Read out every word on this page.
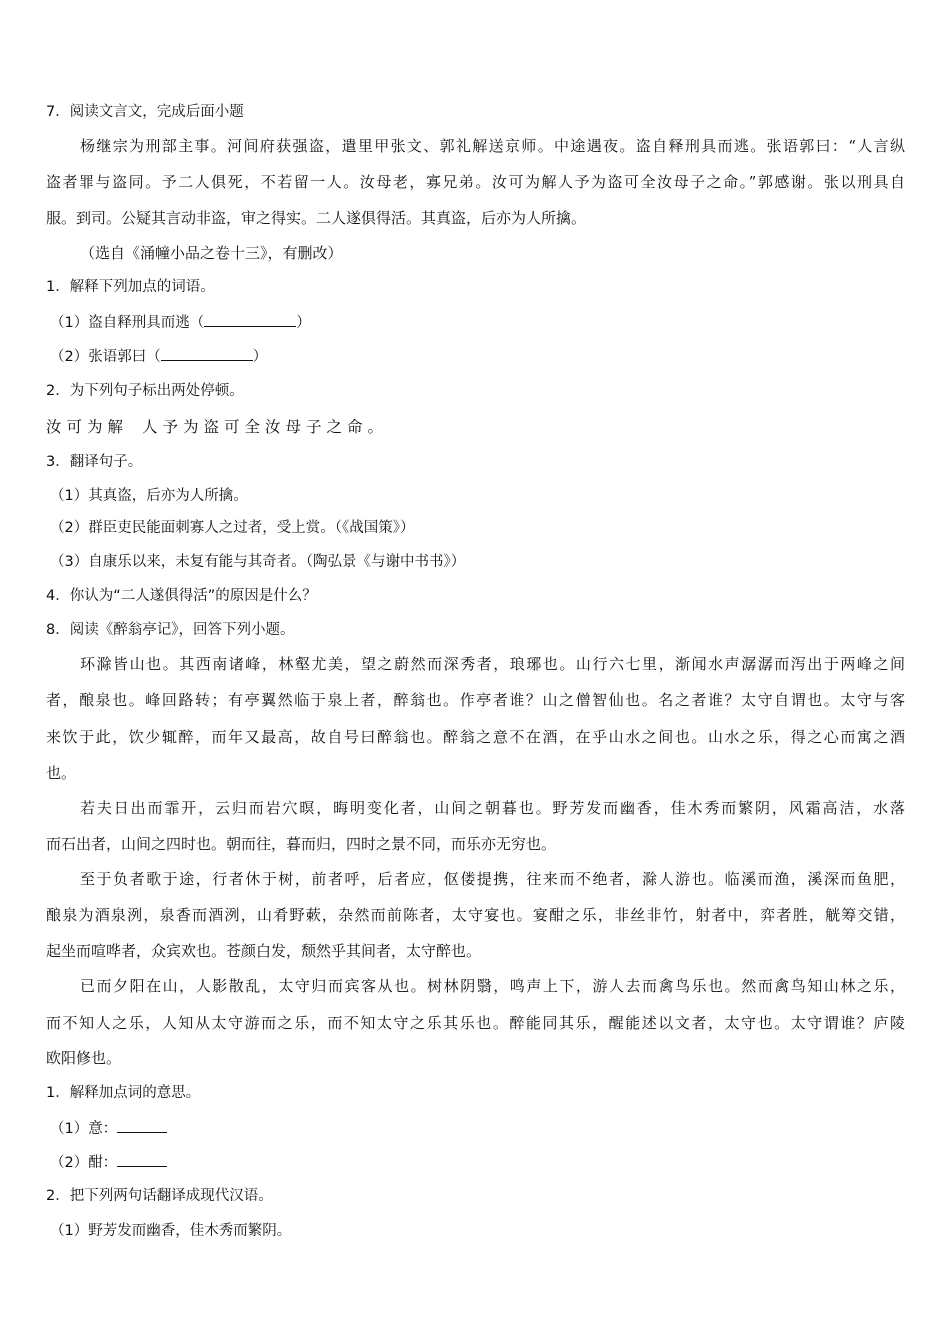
7．阅读文言文，完成后面小题
杨继宗为刑部主事。河间府获强盗，遣里甲张文、郭礼解送京师。中途遇夜。盗自释刑具而逃。张语郭曰：“人言纵
盗者罪与盗同。予二人俱死，不若留一人。汝母老，寡兄弟。汝可为解人予为盗可全汝母子之命。”郭感谢。张以刑具自
服。到司。公疑其言动非盗，审之得实。二人遂俱得活。其真盗，后亦为人所擒。
（选自《涌幢小品之卷十三》，有删改）
1．解释下列加点的词语。
（1）盗自释刑具而逃（	）
（2）张语郭曰（	）
2．为下列句子标出两处停顿。
汝可为解 人予为盗可全汝母子之命。
3．翻译句子。
（1）其真盗，后亦为人所擒。
（2）群臣吏民能面刺寡人之过者，受上赏。（《战国策》）
（3）自康乐以来，未复有能与其奇者。（陶弘景《与谢中书书》）
4．你认为“二人遂俱得活”的原因是什么？
8．阅读《醉翁亭记》，回答下列小题。
环滁皆山也。其西南诸峰，林壑尤美，望之蔚然而深秀者，琅琊也。山行六七里，渐闻水声潺潺而泻出于两峰之间
者，酿泉也。峰回路转；有亭翼然临于泉上者，醉翁也。作亭者谁？山之僧智仙也。名之者谁？太守自谓也。太守与客
来饮于此，饮少辄醉，而年又最高，故自号曰醉翁也。醉翁之意不在酒，在乎山水之间也。山水之乐，得之心而寓之酒
也。
若夫日出而霏开，云归而岩穴暝，晦明变化者，山间之朝暮也。野芳发而幽香，佳木秀而繁阴，风霜高洁，水落
而石出者，山间之四时也。朝而往，暮而归，四时之景不同，而乐亦无穷也。
至于负者歌于途，行者休于树，前者呼，后者应，伛偻提携，往来而不绝者，滁人游也。临溪而渔，溪深而鱼肥，
酿泉为酒泉洌，泉香而酒洌，山肴野蔌，杂然而前陈者，太守宴也。宴酣之乐，非丝非竹，射者中，弈者胜，觥筹交错，
起坐而喧哗者，众宾欢也。苍颜白发，颓然乎其间者，太守醉也。
已而夕阳在山，人影散乱，太守归而宾客从也。树林阴翳，鸣声上下，游人去而禽鸟乐也。然而禽鸟知山林之乐，
而不知人之乐，人知从太守游而之乐，而不知太守之乐其乐也。醉能同其乐，醒能述以文者，太守也。太守谓谁？庐陵
欧阳修也。
1．解释加点词的意思。
（1）意：
（2）酣：
2．把下列两句话翻译成现代汉语。
（1）野芳发而幽香，佳木秀而繁阴。
